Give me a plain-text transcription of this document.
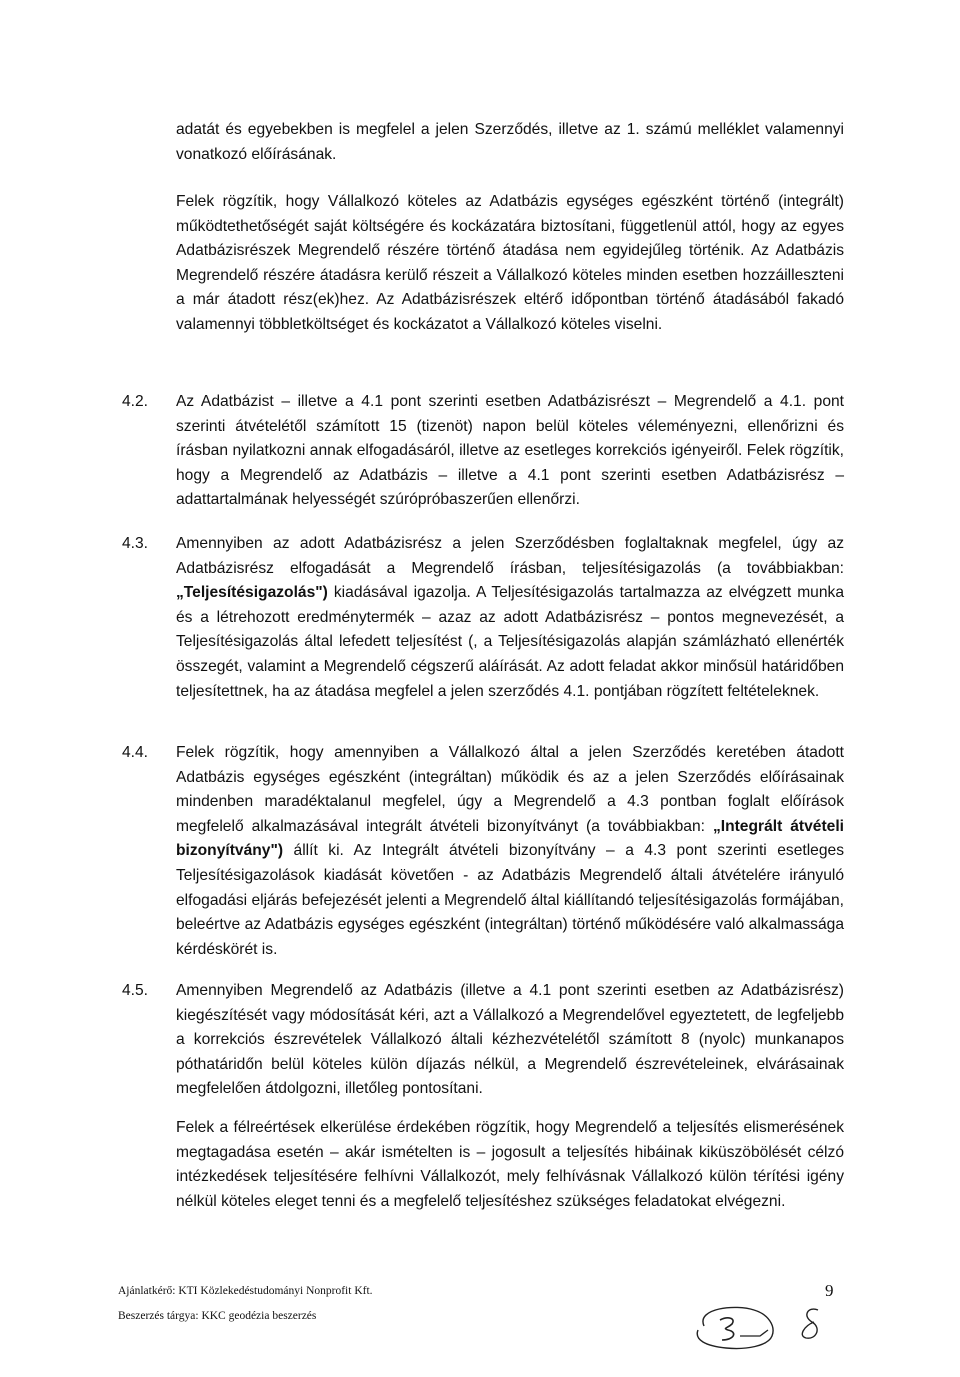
adatát és egyebekben is megfelel a jelen Szerződés, illetve az 1. számú melléklet valamennyi vonatkozó előírásának.

Felek rögzítik, hogy Vállalkozó köteles az Adatbázis egységes egészként történő (integrált) működtethetőségét saját költségére és kockázatára biztosítani, függetlenül attól, hogy az egyes Adatbázisrészek Megrendelő részére történő átadása nem egyidejűleg történik. Az Adatbázis Megrendelő részére átadásra kerülő részeit a Vállalkozó köteles minden esetben hozzáilleszteni a már átadott rész(ek)hez. Az Adatbázisrészek eltérő időpontban történő átadásából fakadó valamennyi többletköltséget és kockázatot a Vállalkozó köteles viselni.

4.2. Az Adatbázist – illetve a 4.1 pont szerinti esetben Adatbázisrészt – Megrendelő a 4.1. pont szerinti átvételétől számított 15 (tizenöt) napon belül köteles véleményezni, ellenőrizni és írásban nyilatkozni annak elfogadásáról, illetve az esetleges korrekciós igényeiről. Felek rögzítik, hogy a Megrendelő az Adatbázis – illetve a 4.1 pont szerinti esetben Adatbázisrész – adattartalmának helyességét szúrópróbaszerűen ellenőrzi.

4.3. Amennyiben az adott Adatbázisrész a jelen Szerződésben foglaltaknak megfelel, úgy az Adatbázisrész elfogadását a Megrendelő írásban, teljesítésigazolás (a továbbiakban: „Teljesítésigazolás") kiadásával igazolja. A Teljesítésigazolás tartalmazza az elvégzett munka és a létrehozott eredménytermék – azaz az adott Adatbázisrész – pontos megnevezését, a Teljesítésigazolás által lefedett teljesítést (, a Teljesítésigazolás alapján számlázható ellenérték összegét, valamint a Megrendelő cégszerű aláírását. Az adott feladat akkor minősül határidőben teljesítettnek, ha az átadása megfelel a jelen szerződés 4.1. pontjában rögzített feltételeknek.

4.4. Felek rögzítik, hogy amennyiben a Vállalkozó által a jelen Szerződés keretében átadott Adatbázis egységes egészként (integráltan) működik és az a jelen Szerződés előírásainak mindenben maradéktalanul megfelel, úgy a Megrendelő a 4.3 pontban foglalt előírások megfelelő alkalmazásával integrált átvételi bizonyítványt (a továbbiakban: „Integrált átvételi bizonyítvány") állít ki. Az Integrált átvételi bizonyítvány – a 4.3 pont szerinti esetleges Teljesítésigazolások kiadását követően - az Adatbázis Megrendelő általi átvételére irányuló elfogadási eljárás befejezését jelenti a Megrendelő által kiállítandó teljesítésigazolás formájában, beleértve az Adatbázis egységes egészként (integráltan) történő működésére való alkalmassága kérdéskörét is.

4.5. Amennyiben Megrendelő az Adatbázis (illetve a 4.1 pont szerinti esetben az Adatbázisrész) kiegészítését vagy módosítását kéri, azt a Vállalkozó a Megrendelővel egyeztetett, de legfeljebb a korrekciós észrevételek Vállalkozó általi kézhezvételétől számított 8 (nyolc) munkanapos póthatáridőn belül köteles külön díjazás nélkül, a Megrendelő észrevételeinek, elvárásainak megfelelően átdolgozni, illetőleg pontosítani.

Felek a félreértések elkerülése érdekében rögzítik, hogy Megrendelő a teljesítés elismerésének megtagadása esetén – akár ismételten is – jogosult a teljesítés hibáinak kiküszöbölését célzó intézkedések teljesítésére felhívni Vállalkozót, mely felhívásnak Vállalkozó külön térítési igény nélkül köteles eleget tenni és a megfelelő teljesítéshez szükséges feladatokat elvégezni.

Ajánlatkérő: KTI Közlekedéstudományi Nonprofit Kft.
Beszerzés tárgya: KKC geodézia beszerzés
9
